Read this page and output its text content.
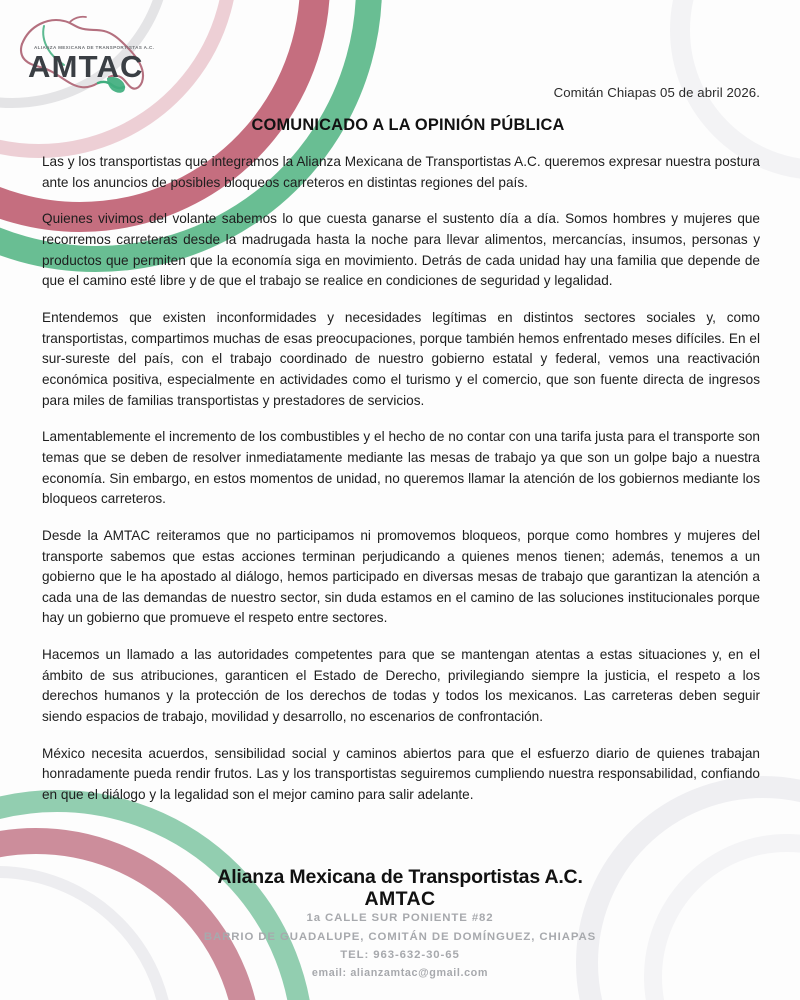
ALIANZA MEXICANA DE TRANSPORTISTAS A.C.
AMTAC
Comitán Chiapas 05 de abril 2026.
COMUNICADO A LA OPINIÓN PÚBLICA

Las y los transportistas que integramos la Alianza Mexicana de Transportistas A.C. queremos expresar nuestra postura ante los anuncios de posibles bloqueos carreteros en distintas regiones del país.

Quienes vivimos del volante sabemos lo que cuesta ganarse el sustento día a día. Somos hombres y mujeres que recorremos carreteras desde la madrugada hasta la noche para llevar alimentos, mercancías, insumos, personas y productos que permiten que la economía siga en movimiento. Detrás de cada unidad hay una familia que depende de que el camino esté libre y de que el trabajo se realice en condiciones de seguridad y legalidad.

Entendemos que existen inconformidades y necesidades legítimas en distintos sectores sociales y, como transportistas, compartimos muchas de esas preocupaciones, porque también hemos enfrentado meses difíciles. En el sur-sureste del país, con el trabajo coordinado de nuestro gobierno estatal y federal, vemos una reactivación económica positiva, especialmente en actividades como el turismo y el comercio, que son fuente directa de ingresos para miles de familias transportistas y prestadores de servicios.

Lamentablemente el incremento de los combustibles y el hecho de no contar con una tarifa justa para el transporte son temas que se deben de resolver inmediatamente mediante las mesas de trabajo ya que son un golpe bajo a nuestra economía. Sin embargo, en estos momentos de unidad, no queremos llamar la atención de los gobiernos mediante los bloqueos carreteros.

Desde la AMTAC reiteramos que no participamos ni promovemos bloqueos, porque como hombres y mujeres del transporte sabemos que estas acciones terminan perjudicando a quienes menos tienen; además, tenemos a un gobierno que le ha apostado al diálogo, hemos participado en diversas mesas de trabajo que garantizan la atención a cada una de las demandas de nuestro sector, sin duda estamos en el camino de las soluciones institucionales porque hay un gobierno que promueve el respeto entre sectores.

Hacemos un llamado a las autoridades competentes para que se mantengan atentas a estas situaciones y, en el ámbito de sus atribuciones, garanticen el Estado de Derecho, privilegiando siempre la justicia, el respeto a los derechos humanos y la protección de los derechos de todas y todos los mexicanos. Las carreteras deben seguir siendo espacios de trabajo, movilidad y desarrollo, no escenarios de confrontación.

México necesita acuerdos, sensibilidad social y caminos abiertos para que el esfuerzo diario de quienes trabajan honradamente pueda rendir frutos. Las y los transportistas seguiremos cumpliendo nuestra responsabilidad, confiando en que el diálogo y la legalidad son el mejor camino para salir adelante.

Alianza Mexicana de Transportistas A.C.
AMTAC
1a CALLE SUR PONIENTE #82
BARRIO DE GUADALUPE, COMITÁN DE DOMÍNGUEZ, CHIAPAS
TEL: 963-632-30-65
email: alianzamtac@gmail.com
